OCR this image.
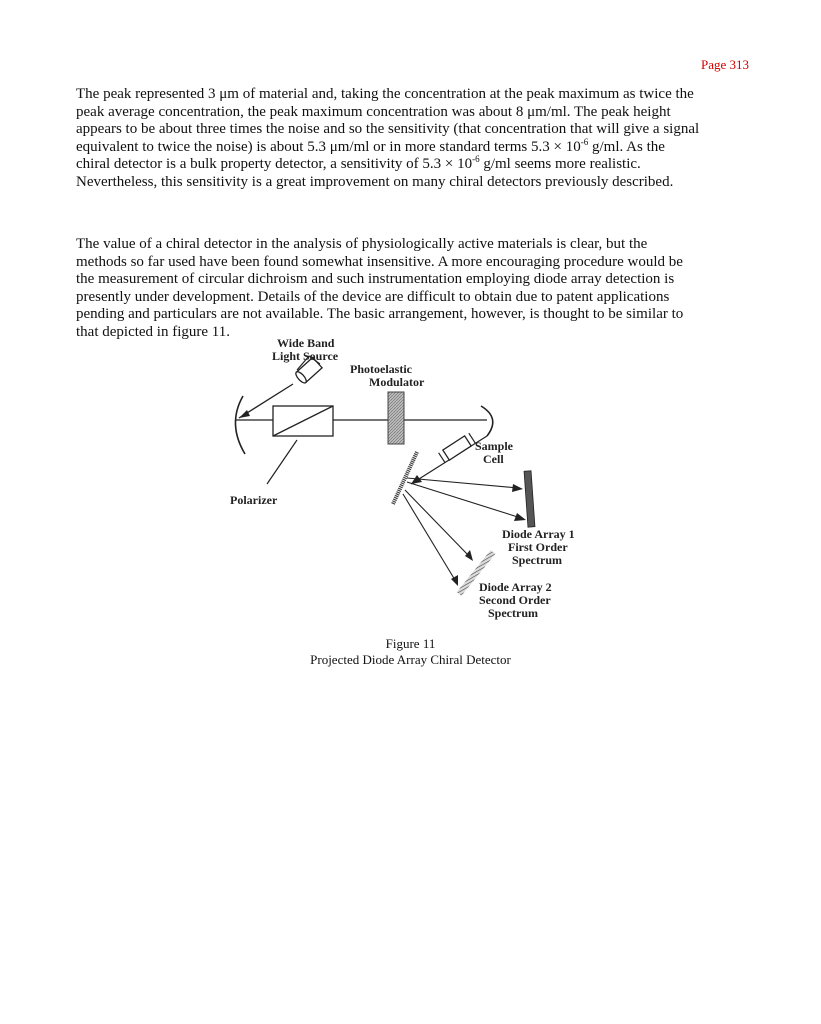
Page 313

The peak represented 3 μm of material and, taking the concentration at the peak maximum as twice the
peak average concentration, the peak maximum concentration was about 8 μm/ml. The peak height
appears to be about three times the noise and so the sensitivity (that concentration that will give a signal
equivalent to twice the noise) is about 5.3 μm/ml or in more standard terms $5.3 \times 10^{-6}$ g/ml. As the
chiral detector is a bulk property detector, a sensitivity of $5.3 \times 10^{-6}$ g/ml seems more realistic.
Nevertheless, this sensitivity is a great improvement on many chiral detectors previously described.

The value of a chiral detector in the analysis of physiologically active materials is clear, but the
methods so far used have been found somewhat insensitive. A more encouraging procedure would be
the measurement of circular dichroism and such instrumentation employing diode array detection is
presently under development. Details of the device are difficult to obtain due to patent applications
pending and particulars are not available. The basic arrangement, however, is thought to be similar to
that depicted in figure 11.

Wide Band
Light Source
Photoelastic
Modulator
Sample
Cell
Polarizer
Diode Array 1
First Order
Spectrum
Diode Array 2
Second Order
Spectrum
Figure 11
Projected Diode Array Chiral Detector
